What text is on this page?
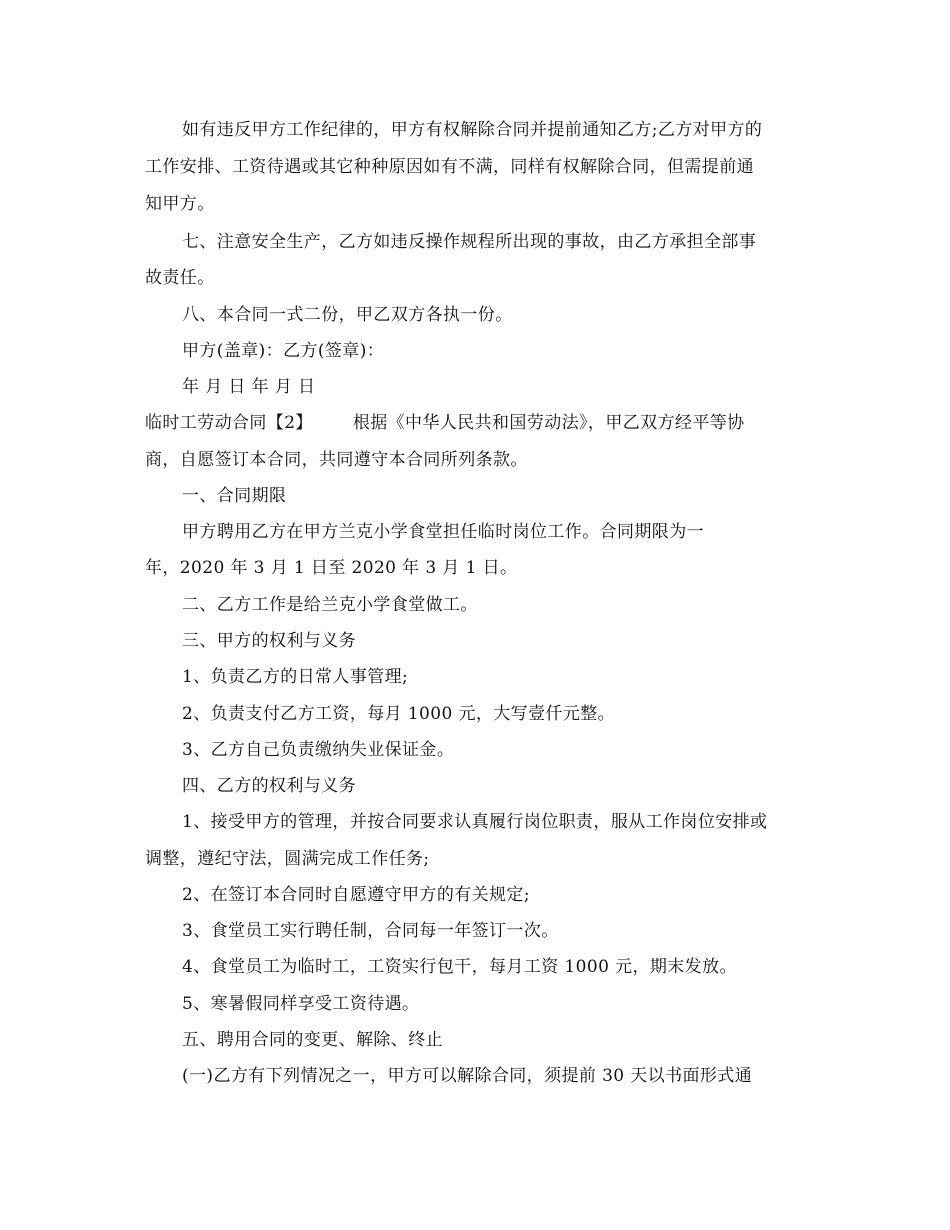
如有违反甲方工作纪律的，甲方有权解除合同并提前通知乙方;乙方对甲方的
工作安排、工资待遇或其它种种原因如有不满，同样有权解除合同，但需提前通
知甲方。
七、注意安全生产，乙方如违反操作规程所出现的事故，由乙方承担全部事
故责任。
八、本合同一式二份，甲乙双方各执一份。
甲方(盖章)：乙方(签章)：
年 月 日 年 月 日
临时工劳动合同【2】 根据《中华人民共和国劳动法》，甲乙双方经平等协
商，自愿签订本合同，共同遵守本合同所列条款。
一、合同期限
甲方聘用乙方在甲方兰克小学食堂担任临时岗位工作。合同期限为一
年，2020 年 3 月 1 日至 2020 年 3 月 1 日。
二、乙方工作是给兰克小学食堂做工。
三、甲方的权利与义务
1、负责乙方的日常人事管理;
2、负责支付乙方工资，每月 1000 元，大写壹仟元整。
3、乙方自己负责缴纳失业保证金。
四、乙方的权利与义务
1、接受甲方的管理，并按合同要求认真履行岗位职责，服从工作岗位安排或
调整，遵纪守法，圆满完成工作任务;
2、在签订本合同时自愿遵守甲方的有关规定;
3、食堂员工实行聘任制，合同每一年签订一次。
4、食堂员工为临时工，工资实行包干，每月工资 1000 元，期末发放。
5、寒暑假同样享受工资待遇。
五、聘用合同的变更、解除、终止
(一)乙方有下列情况之一，甲方可以解除合同，须提前 30 天以书面形式通
